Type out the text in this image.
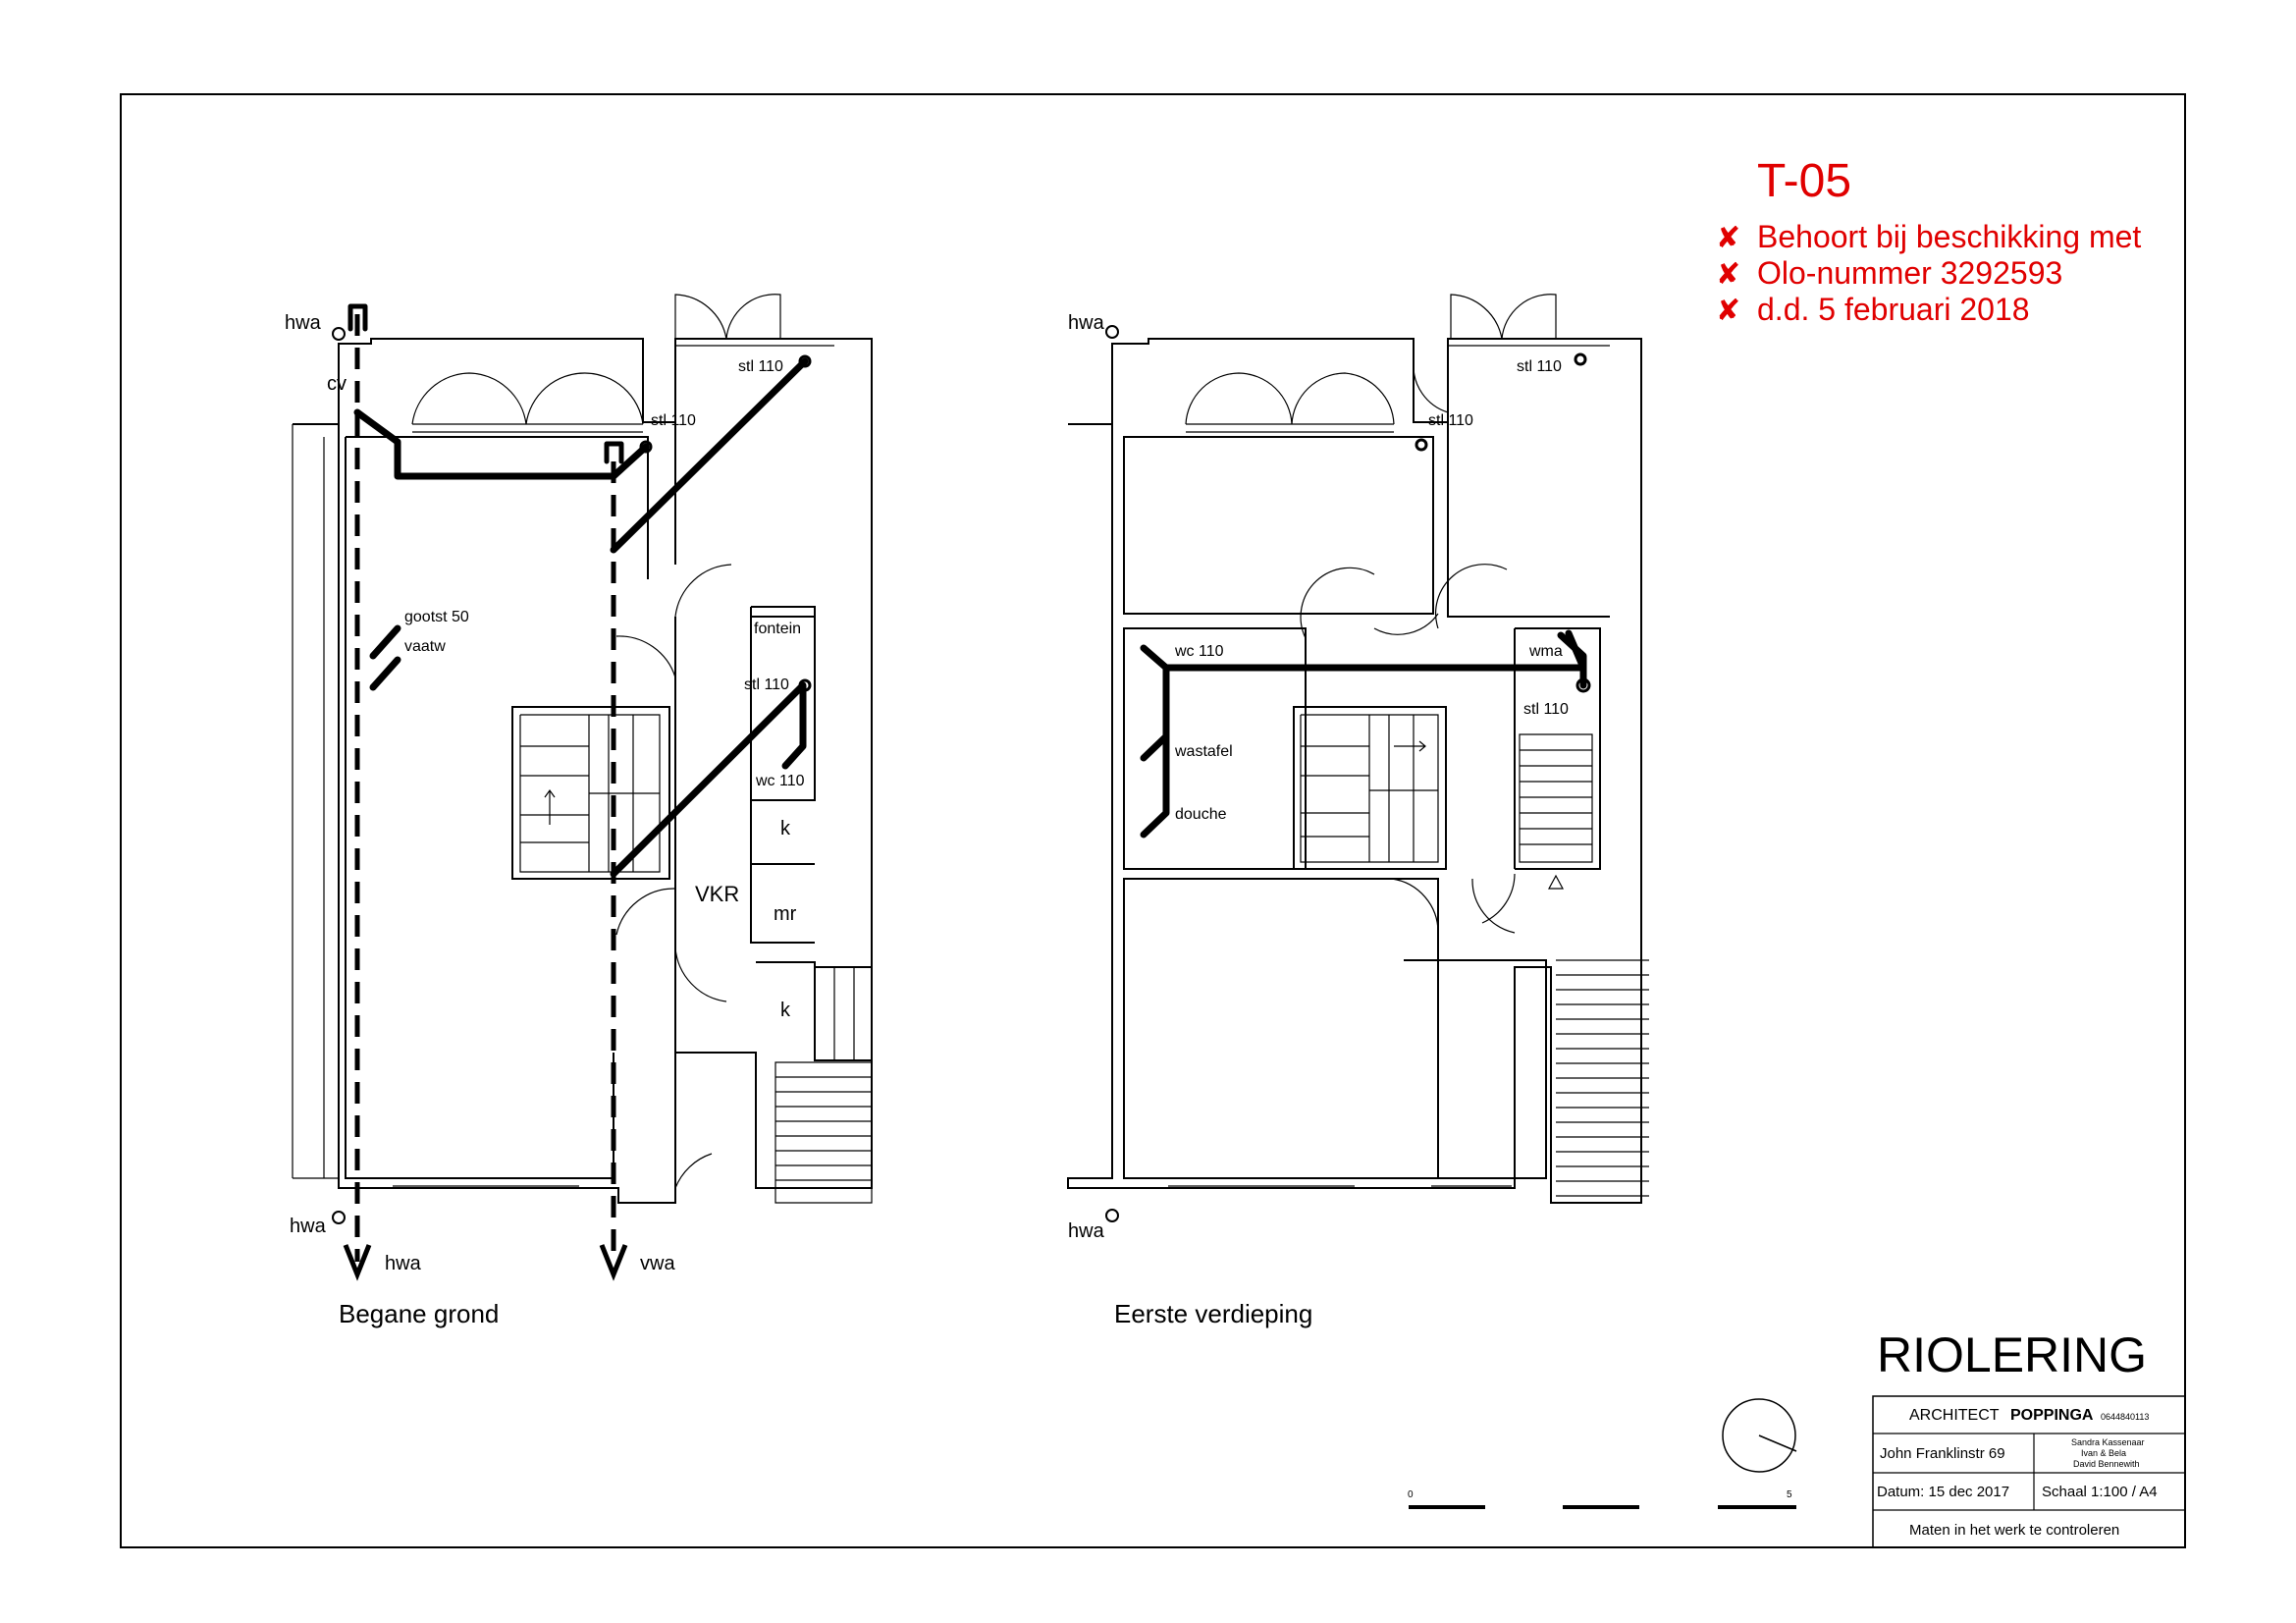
T-05
✘ Behoort bij beschikking met
✘ Olo-nummer 3292593
✘ d.d. 5 februari 2018
hwa
cv
stl 110
stl 110
gootst 50
vaatw
fontein
stl 110
wc 110
k
VKR
mr
k
hwa
hwa	vwa
Begane grond
hwa
stl 110
stl 110
wc 110
wastafel
douche
wma
stl 110
hwa
Eerste verdieping
RIOLERING
0	5
ARCHITECT POPPINGA 0644840113
John Franklinstr 69
Sandra Kassenaar
Ivan & Bela
David Bennewith
Datum: 15 dec 2017 Schaal 1:100 / A4
Maten in het werk te controleren
